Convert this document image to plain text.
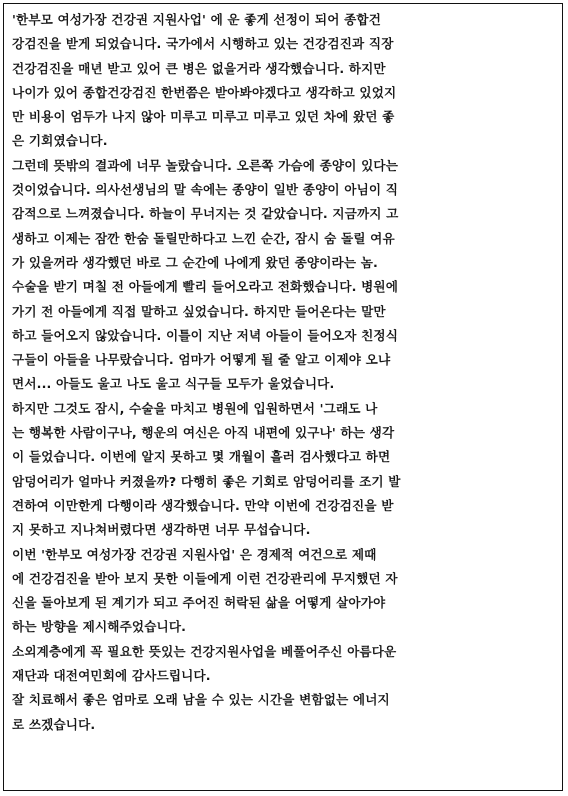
'한부모 여성가장 건강권 지원사업' 에 운 좋게 선정이 되어 종합건
강검진을 받게 되었습니다. 국가에서 시행하고 있는 건강검진과 직장
건강검진을 매년 받고 있어 큰 병은 없을거라 생각했습니다. 하지만
나이가 있어 종합건강검진 한번쯤은 받아봐야겠다고 생각하고 있었지
만 비용이 엄두가 나지 않아 미루고 미루고 미루고 있던 차에 왔던 좋
은 기회였습니다.
그런데 뜻밖의 결과에 너무 놀랐습니다. 오른쪽 가슴에 종양이 있다는
것이었습니다. 의사선생님의 말 속에는 종양이 일반 종양이 아님이 직
감적으로 느껴졌습니다. 하늘이 무너지는 것 같았습니다. 지금까지 고
생하고 이제는 잠깐 한숨 돌릴만하다고 느낀 순간, 잠시 숨 돌릴 여유
가 있을꺼라 생각했던 바로 그 순간에 나에게 왔던 종양이라는 놈.
수술을 받기 며칠 전 아들에게 빨리 들어오라고 전화했습니다. 병원에
가기 전 아들에게 직접 말하고 싶었습니다. 하지만 들어온다는 말만
하고 들어오지 않았습니다. 이틀이 지난 저녁 아들이 들어오자 친정식
구들이 아들을 나무랐습니다. 엄마가 어떻게 될 줄 알고 이제야 오냐
면서... 아들도 울고 나도 울고 식구들 모두가 울었습니다.
하지만 그것도 잠시, 수술을 마치고 병원에 입원하면서 '그래도 나
는 행복한 사람이구나, 행운의 여신은 아직 내편에 있구나' 하는 생각
이 들었습니다. 이번에 알지 못하고 몇 개월이 흘러 검사했다고 하면
암덩어리가 얼마나 커졌을까? 다행히 좋은 기회로 암덩어리를 조기 발
견하여 이만한게 다행이라 생각했습니다. 만약 이번에 건강검진을 받
지 못하고 지나쳐버렸다면 생각하면 너무 무섭습니다.
이번 '한부모 여성가장 건강권 지원사업' 은 경제적 여건으로 제때
에 건강검진을 받아 보지 못한 이들에게 이런 건강관리에 무지했던 자
신을 돌아보게 된 계기가 되고 주어진 허락된 삶을 어떻게 살아가야
하는 방향을 제시해주었습니다.
소외계층에게 꼭 필요한 뜻있는 건강지원사업을 베풀어주신 아름다운
재단과 대전여민회에 감사드립니다.
잘 치료해서 좋은 엄마로 오래 남을 수 있는 시간을 변함없는 에너지
로 쓰겠습니다.
